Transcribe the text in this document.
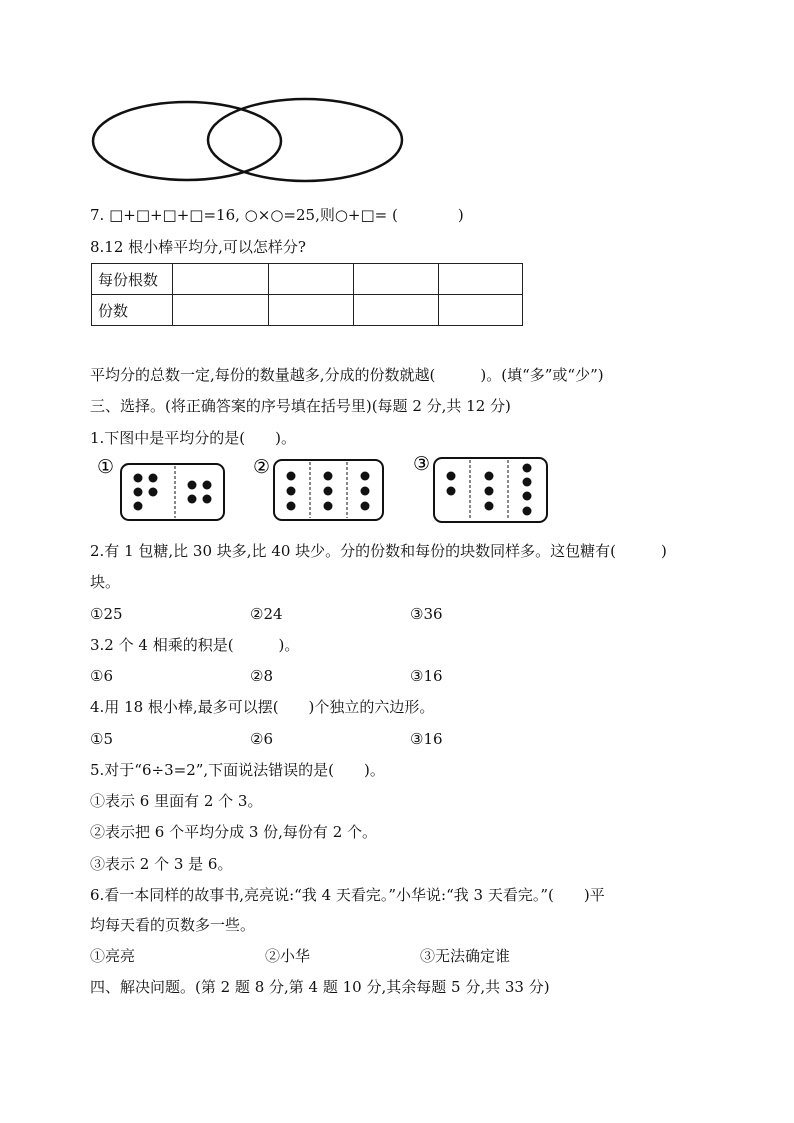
7. □+□+□+□=16, ○×○=25,则○+□= (　　　　)
8.12 根小棒平均分,可以怎样分?
每份根数				
份数				
平均分的总数一定,每份的数量越多,分成的份数就越(　　　)。(填“多”或“少”)
三、选择。(将正确答案的序号填在括号里)(每题 2 分,共 12 分)
1.下图中是平均分的是(　　)。
①	②	③
2.有 1 包糖,比 30 块多,比 40 块少。分的份数和每份的块数同样多。这包糖有(　　　)
块。
①25	②24	③36
3.2 个 4 相乘的积是(　　　)。
①6	②8	③16
4.用 18 根小棒,最多可以摆(　　)个独立的六边形。
①5	②6	③16
5.对于“6÷3=2”,下面说法错误的是(　　)。
①表示 6 里面有 2 个 3。
②表示把 6 个平均分成 3 份,每份有 2 个。
③表示 2 个 3 是 6。
6.看一本同样的故事书,亮亮说:“我 4 天看完。”小华说:“我 3 天看完。”(　　)平
均每天看的页数多一些。
①亮亮	②小华	③无法确定谁
四、解决问题。(第 2 题 8 分,第 4 题 10 分,其余每题 5 分,共 33 分)
